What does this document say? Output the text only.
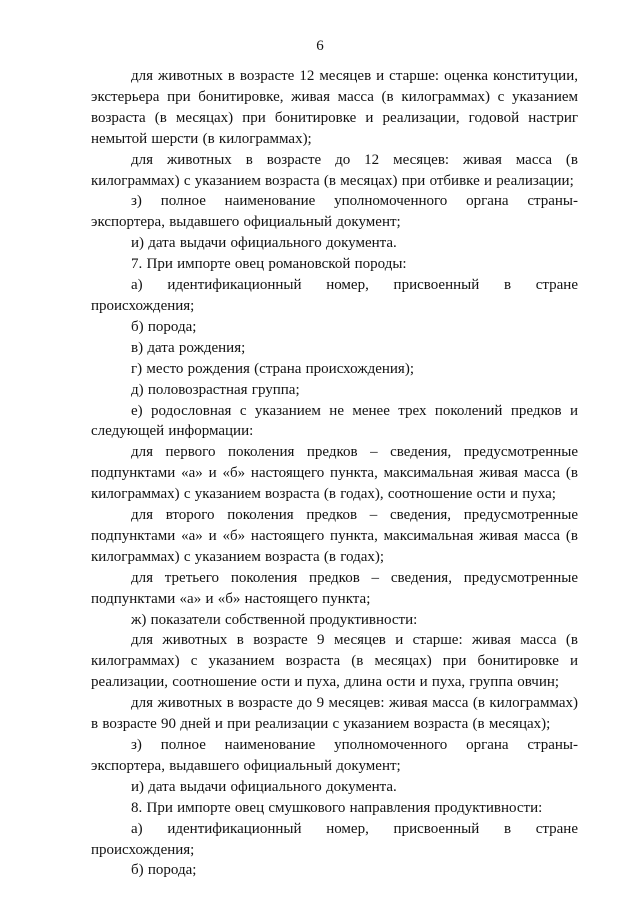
6

для животных в возрасте 12 месяцев и старше: оценка конституции, экстерьера при бонитировке, живая масса (в килограммах) с указанием возраста (в месяцах) при бонитировке и реализации, годовой настриг немытой шерсти (в килограммах);

для животных в возрасте до 12 месяцев: живая масса (в килограммах) с указанием возраста (в месяцах) при отбивке и реализации;

з) полное наименование уполномоченного органа страны-экспортера, выдавшего официальный документ;

и) дата выдачи официального документа.

7. При импорте овец романовской породы:

а) идентификационный номер, присвоенный в стране происхождения;

б) порода;

в) дата рождения;

г) место рождения (страна происхождения);

д) половозрастная группа;

е) родословная с указанием не менее трех поколений предков и следующей информации:

для первого поколения предков – сведения, предусмотренные подпунктами «а» и «б» настоящего пункта, максимальная живая масса (в килограммах) с указанием возраста (в годах), соотношение ости и пуха;

для второго поколения предков – сведения, предусмотренные подпунктами «а» и «б» настоящего пункта, максимальная живая масса (в килограммах) с указанием возраста (в годах);

для третьего поколения предков – сведения, предусмотренные подпунктами «а» и «б» настоящего пункта;

ж) показатели собственной продуктивности:

для животных в возрасте 9 месяцев и старше: живая масса (в килограммах) с указанием возраста (в месяцах) при бонитировке и реализации, соотношение ости и пуха, длина ости и пуха, группа овчин;

для животных в возрасте до 9 месяцев: живая масса (в килограммах) в возрасте 90 дней и при реализации с указанием возраста (в месяцах);

з) полное наименование уполномоченного органа страны-экспортера, выдавшего официальный документ;

и) дата выдачи официального документа.

8. При импорте овец смушкового направления продуктивности:

а) идентификационный номер, присвоенный в стране происхождения;

б) порода;
